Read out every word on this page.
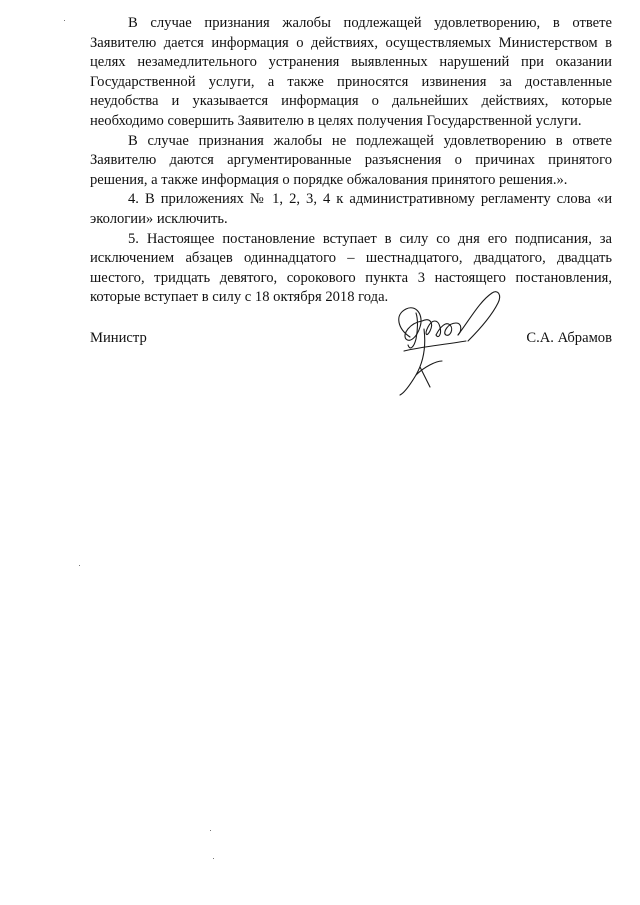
В случае признания жалобы подлежащей удовлетворению, в ответе Заявителю дается информация о действиях, осуществляемых Министерством в целях незамедлительного устранения выявленных нарушений при оказании Государственной услуги, а также приносятся извинения за доставленные неудобства и указывается информация о дальнейших действиях, которые необходимо совершить Заявителю в целях получения Государственной услуги.

В случае признания жалобы не подлежащей удовлетворению в ответе Заявителю даются аргументированные разъяснения о причинах принятого решения, а также информация о порядке обжалования принятого решения.».

4. В приложениях № 1, 2, 3, 4 к административному регламенту слова «и экологии» исключить.

5. Настоящее постановление вступает в силу со дня его подписания, за исключением абзацев одиннадцатого – шестнадцатого, двадцатого, двадцать шестого, тридцать девятого, сорокового пункта 3 настоящего постановления, которые вступает в силу с 18 октября 2018 года.

Министр	С.А. Абрамов
